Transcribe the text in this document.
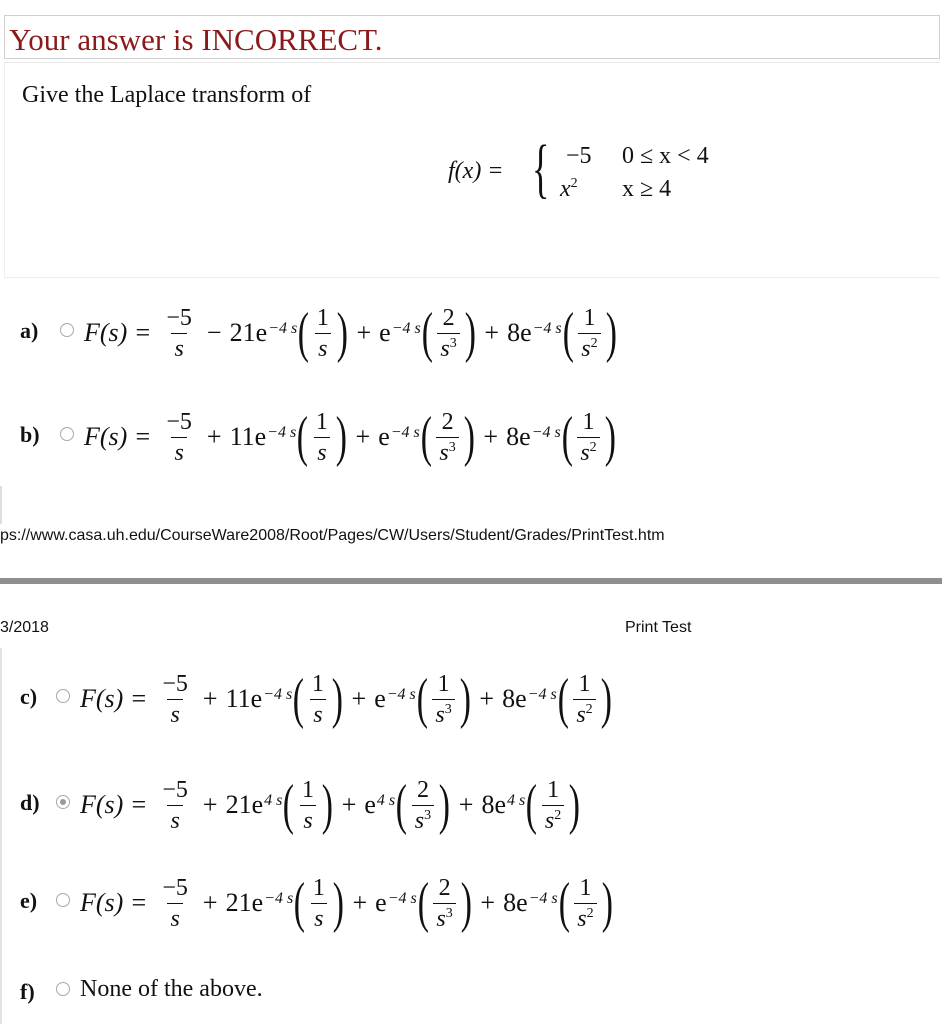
Your answer is INCORRECT.
Give the Laplace transform of
f(x) = { −5 0 ≤ x < 4
$x^2$ x ≥ 4
ps://www.casa.uh.edu/CourseWare2008/Root/Pages/CW/Users/Student/Grades/PrintTest.htm
3/2018	Print Test
f) None of the above.
a) $F(s) = \frac{-5}{s} - 21e -4$ s ( $\frac{1}{s}$ ) + e −4 s ( $\frac{2}{s^3}$ ) + 8e −4 s ( $\frac{1}{s^2}$ )
b) $F(s) = \frac{-5}{s} + 11e -4$ s ( $\frac{1}{s}$ ) + e −4 s ( $\frac{2}{s^3}$ ) + 8e −4 s ( $\frac{1}{s^2}$ )
c) $F(s) = \frac{-5}{s} + 11e -4$ s ( $\frac{1}{s}$ ) + e −4 s ( $\frac{1}{s^3}$ ) + 8e −4 s ( $\frac{1}{s^2}$ )
d) $F(s) = \frac{-5}{s} + 21e$ 4 s ( $\frac{1}{s}$ ) + e 4 s ( $\frac{2}{s^3}$ ) + 8e 4 s ( $\frac{1}{s^2}$ )
e) $F(s) = \frac{-5}{s} + 21e -4$ s ( $\frac{1}{s}$ ) + e −4 s ( $\frac{2}{s^3}$ ) + 8e −4 s ( $\frac{1}{s^2}$ )
